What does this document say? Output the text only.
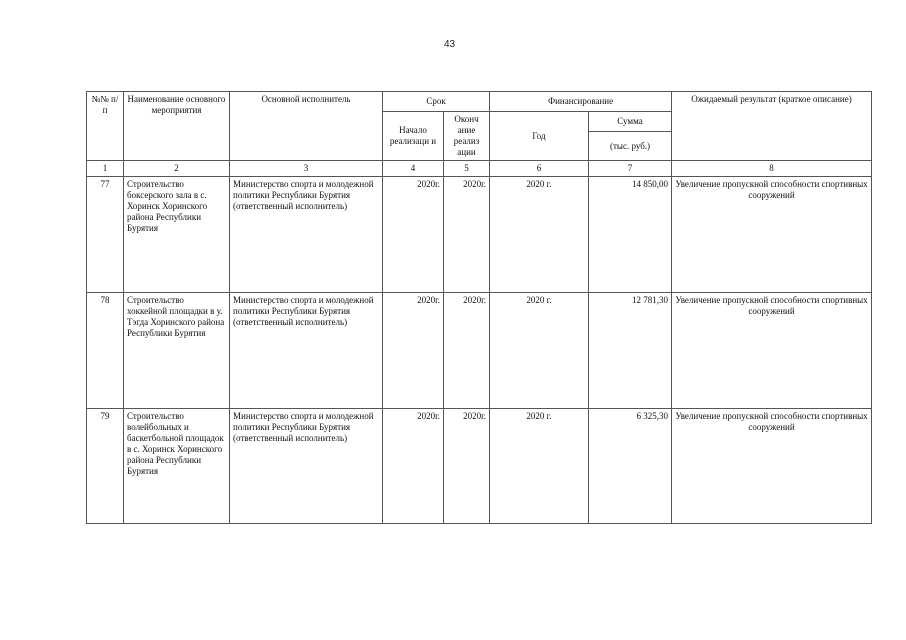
43
№№ п/п	Наименование основного мероприятия	Основной исполнитель	Срок		Финансирование		Ожидаемый результат (краткое описание)
			Начало реализаци и	Оконч ание реализ ации	Год	Сумма	
						(тыс. руб.)	
1	2	3	4	5	6	7	8
77	Строительство боксерского зала в с. Хоринск Хоринского района Республики Бурятия	Министерство спорта и молодежной политики Республики Бурятия (ответственный исполнитель)	2020г.	2020г.	2020 г.	14 850,00	Увеличение пропускной способности спортивных сооружений
78	Строительство хоккейной площадки в у. Тэгда Хоринского района Республики Бурятия	Министерство спорта и молодежной политики Республики Бурятия (ответственный исполнитель)	2020г.	2020г.	2020 г.	12 781,30	Увеличение пропускной способности спортивных сооружений
79	Строительство волейбольных и баскетбольной площадок в с. Хоринск Хоринского района Республики Бурятия	Министерство спорта и молодежной политики Республики Бурятия (ответственный исполнитель)	2020г.	2020г.	2020 г.	6 325,30	Увеличение пропускной способности спортивных сооружений
